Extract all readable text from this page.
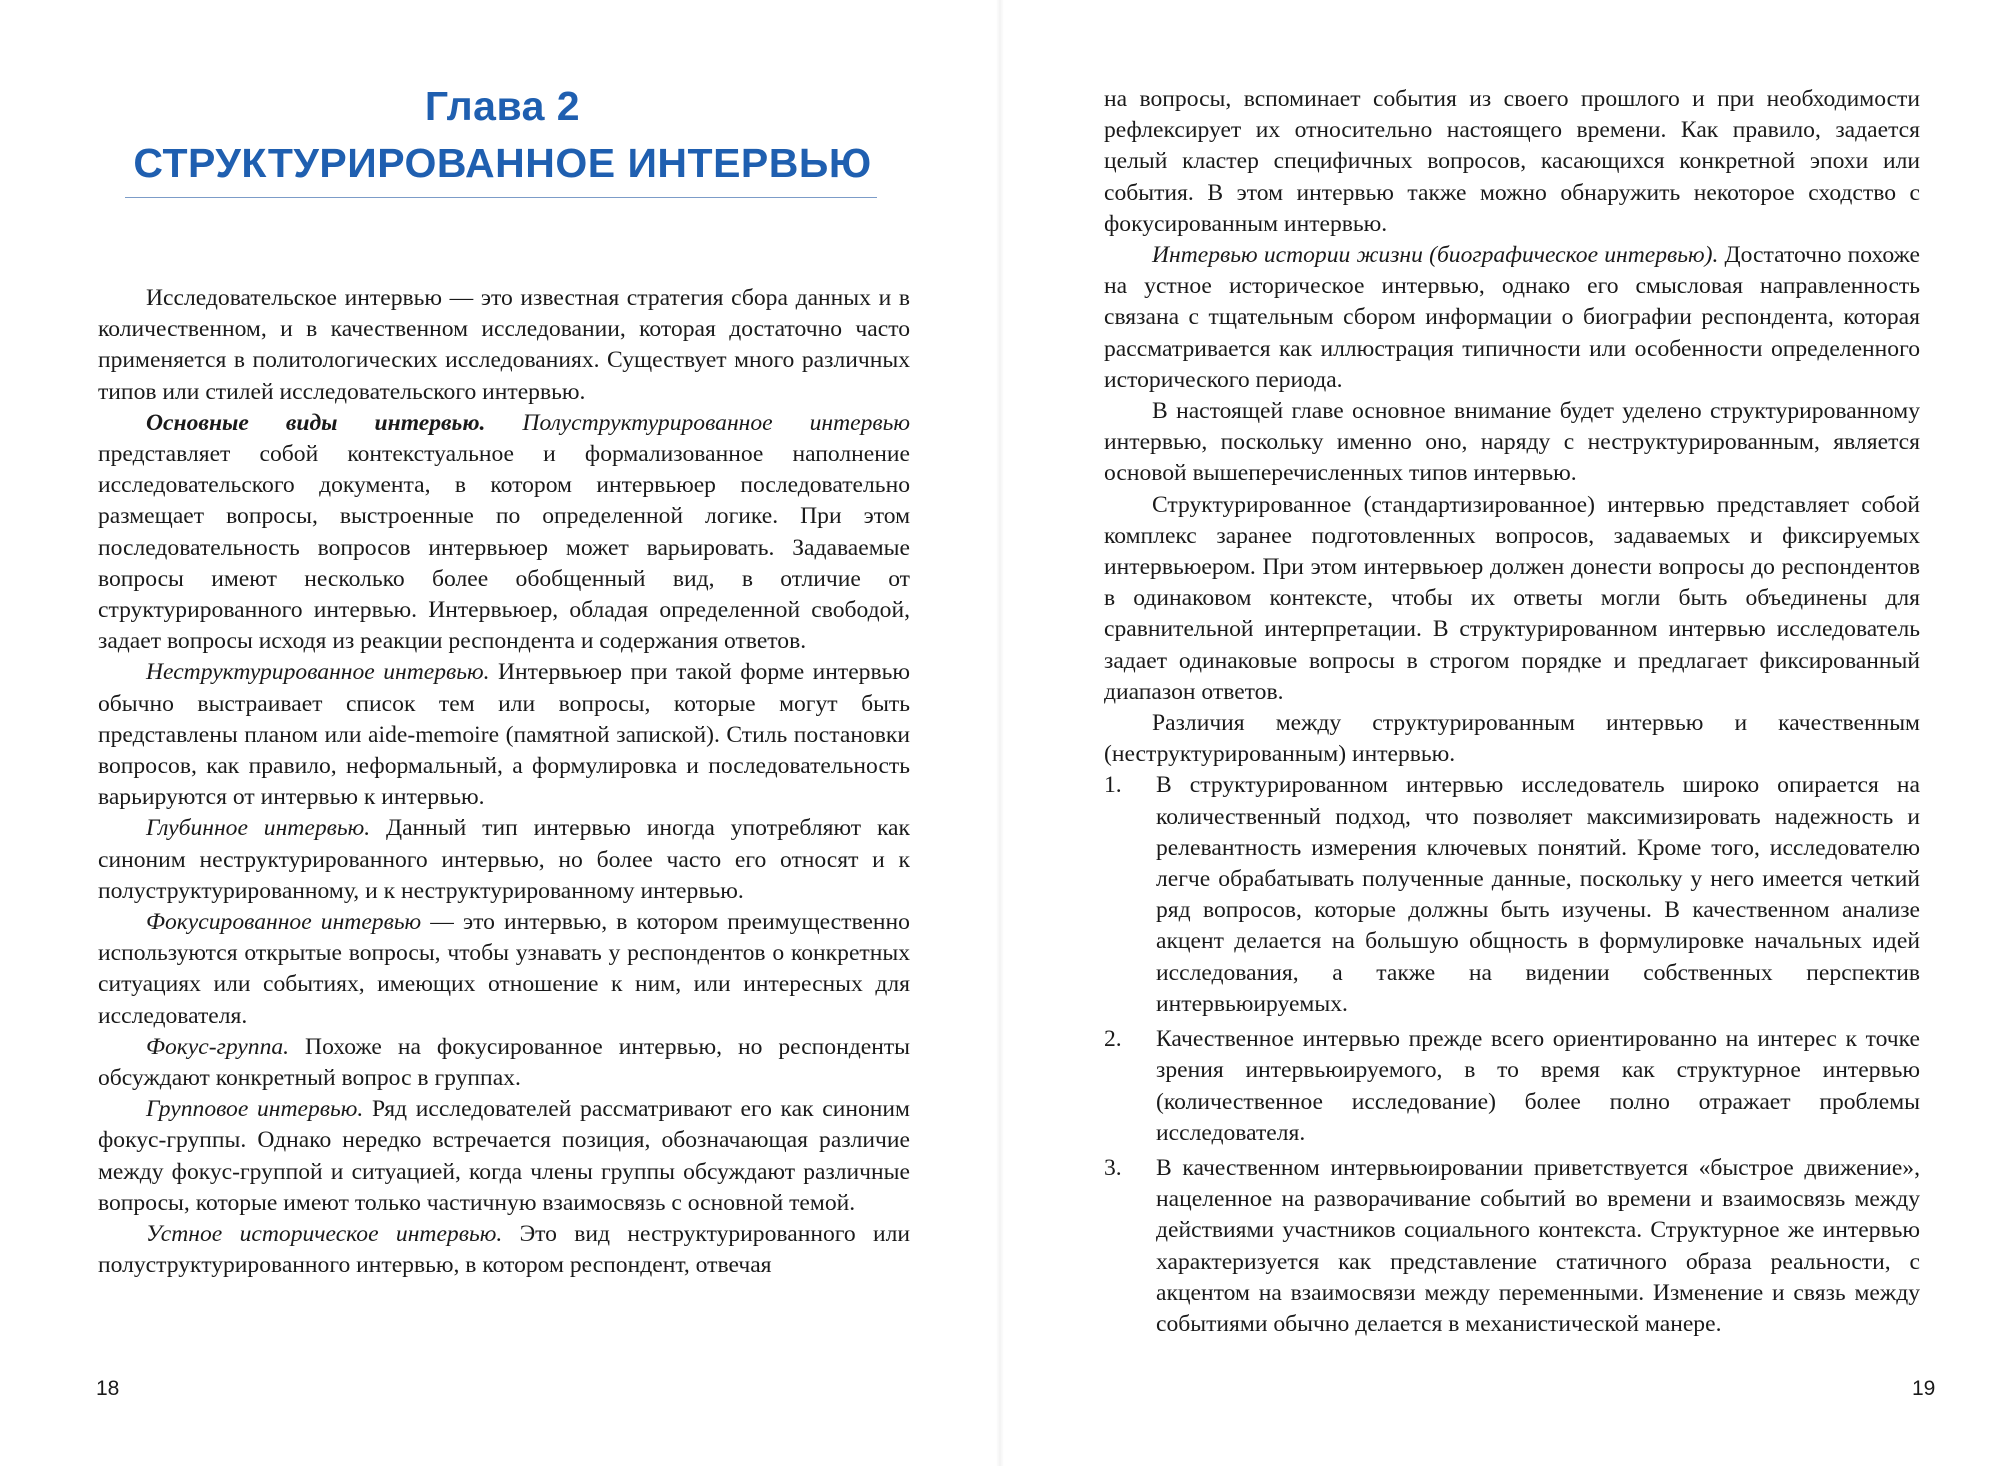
Глава 2
СТРУКТУРИРОВАННОЕ ИНТЕРВЬЮ

Исследовательское интервью — это известная стратегия сбора данных и в количественном, и в качественном исследовании, которая достаточно часто применяется в политологических исследованиях. Существует много различных типов или стилей исследовательского интервью.

Основные виды интервью. Полуструктурированное интервью представляет собой контекстуальное и формализованное наполнение исследовательского документа, в котором интервьюер последовательно размещает вопросы, выстроенные по определенной логике. При этом последовательность вопросов интервьюер может варьировать. Задаваемые вопросы имеют несколько более обобщенный вид, в отличие от структурированного интервью. Интервьюер, обладая определенной свободой, задает вопросы исходя из реакции респондента и содержания ответов.

Неструктурированное интервью. Интервьюер при такой форме интервью обычно выстраивает список тем или вопросы, которые могут быть представлены планом или aide-memoire (памятной запиской). Стиль постановки вопросов, как правило, неформальный, а формулировка и последовательность варьируются от интервью к интервью.

Глубинное интервью. Данный тип интервью иногда употребляют как синоним неструктурированного интервью, но более часто его относят и к полуструктурированному, и к неструктурированному интервью.

Фокусированное интервью — это интервью, в котором преимущественно используются открытые вопросы, чтобы узнавать у респондентов о конкретных ситуациях или событиях, имеющих отношение к ним, или интересных для исследователя.

Фокус-группа. Похоже на фокусированное интервью, но респонденты обсуждают конкретный вопрос в группах.

Групповое интервью. Ряд исследователей рассматривают его как синоним фокус-группы. Однако нередко встречается позиция, обозначающая различие между фокус-группой и ситуацией, когда члены группы обсуждают различные вопросы, которые имеют только частичную взаимосвязь с основной темой.

Устное историческое интервью. Это вид неструктурированного или полуструктурированного интервью, в котором респондент, отвечая

18

на вопросы, вспоминает события из своего прошлого и при необходимости рефлексирует их относительно настоящего времени. Как правило, задается целый кластер специфичных вопросов, касающихся конкретной эпохи или события. В этом интервью также можно обнаружить некоторое сходство с фокусированным интервью.

Интервью истории жизни (биографическое интервью). Достаточно похоже на устное историческое интервью, однако его смысловая направленность связана с тщательным сбором информации о биографии респондента, которая рассматривается как иллюстрация типичности или особенности определенного исторического периода.

В настоящей главе основное внимание будет уделено структурированному интервью, поскольку именно оно, наряду с неструктурированным, является основой вышеперечисленных типов интервью.

Структурированное (стандартизированное) интервью представляет собой комплекс заранее подготовленных вопросов, задаваемых и фиксируемых интервьюером. При этом интервьюер должен донести вопросы до респондентов в одинаковом контексте, чтобы их ответы могли быть объединены для сравнительной интерпретации. В структурированном интервью исследователь задает одинаковые вопросы в строгом порядке и предлагает фиксированный диапазон ответов.

Различия между структурированным интервью и качественным (неструктурированным) интервью.

1.	В структурированном интервью исследователь широко опирается на количественный подход, что позволяет максимизировать надежность и релевантность измерения ключевых понятий. Кроме того, исследователю легче обрабатывать полученные данные, поскольку у него имеется четкий ряд вопросов, которые должны быть изучены. В качественном анализе акцент делается на большую общность в формулировке начальных идей исследования, а также на видении собственных перспектив интервьюируемых.
2.	Качественное интервью прежде всего ориентированно на интерес к точке зрения интервьюируемого, в то время как структурное интервью (количественное исследование) более полно отражает проблемы исследователя.
3.	В качественном интервьюировании приветствуется «быстрое движение», нацеленное на разворачивание событий во времени и взаимосвязь между действиями участников социального контекста. Структурное же интервью характеризуется как представление статичного образа реальности, с акцентом на взаимосвязи между переменными. Изменение и связь между событиями обычно делается в механистической манере.
19
